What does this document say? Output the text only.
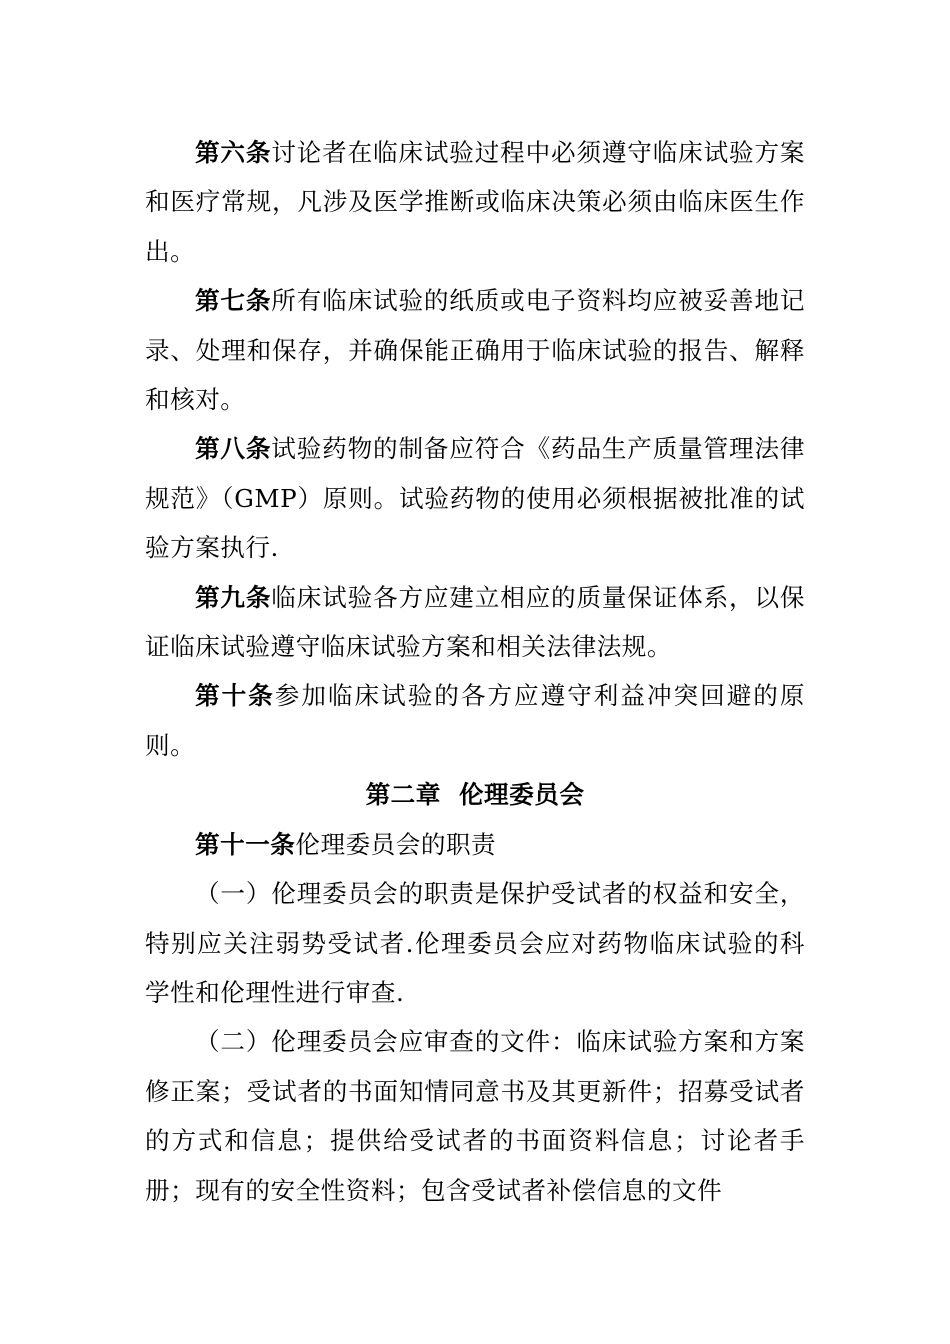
第六条讨论者在临床试验过程中必须遵守临床试验方案和医疗常规，凡涉及医学推断或临床决策必须由临床医生作出。

第七条所有临床试验的纸质或电子资料均应被妥善地记录、处理和保存，并确保能正确用于临床试验的报告、解释和核对。

第八条试验药物的制备应符合《药品生产质量管理法律规范》（GMP）原则。试验药物的使用必须根据被批准的试验方案执行.

第九条临床试验各方应建立相应的质量保证体系，以保证临床试验遵守临床试验方案和相关法律法规。

第十条参加临床试验的各方应遵守利益冲突回避的原则。

第二章  伦理委员会

第十一条伦理委员会的职责

（一）伦理委员会的职责是保护受试者的权益和安全，特别应关注弱势受试者.伦理委员会应对药物临床试验的科学性和伦理性进行审查.

（二）伦理委员会应审查的文件：临床试验方案和方案修正案；受试者的书面知情同意书及其更新件；招募受试者的方式和信息；提供给受试者的书面资料信息；讨论者手册；现有的安全性资料；包含受试者补偿信息的文件
